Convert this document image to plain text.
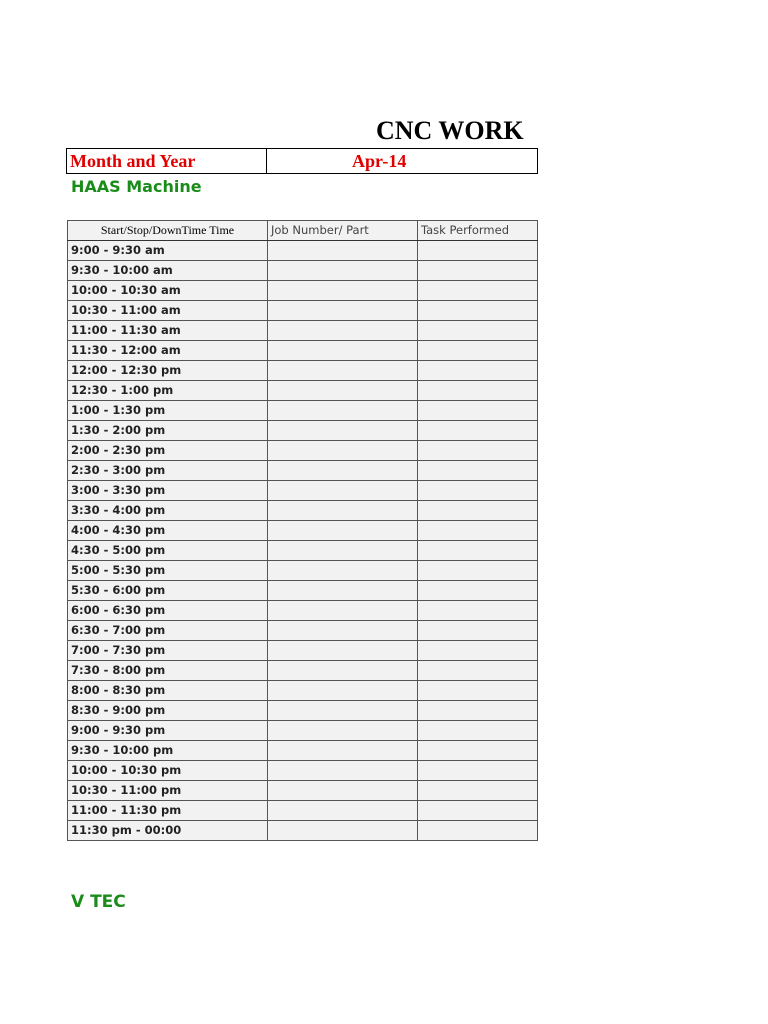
CNC WORK
Month and Year	Apr-14
HAAS Machine
Start/Stop/DownTime Time	Job Number/ Part	Task Performed
9:00 - 9:30 am		
9:30 - 10:00 am		
10:00 - 10:30 am		
10:30 - 11:00 am		
11:00 - 11:30 am		
11:30 - 12:00 am		
12:00 - 12:30 pm		
12:30 - 1:00 pm		
1:00 - 1:30 pm		
1:30 - 2:00 pm		
2:00 - 2:30 pm		
2:30 - 3:00 pm		
3:00 - 3:30 pm		
3:30 - 4:00 pm		
4:00 - 4:30 pm		
4:30 - 5:00 pm		
5:00 - 5:30 pm		
5:30 - 6:00 pm		
6:00 - 6:30 pm		
6:30 - 7:00 pm		
7:00 - 7:30 pm		
7:30 - 8:00 pm		
8:00 - 8:30 pm		
8:30 - 9:00 pm		
9:00 - 9:30 pm		
9:30 - 10:00 pm		
10:00 - 10:30 pm		
10:30 - 11:00 pm		
11:00 - 11:30 pm		
11:30 pm - 00:00		
V TEC
